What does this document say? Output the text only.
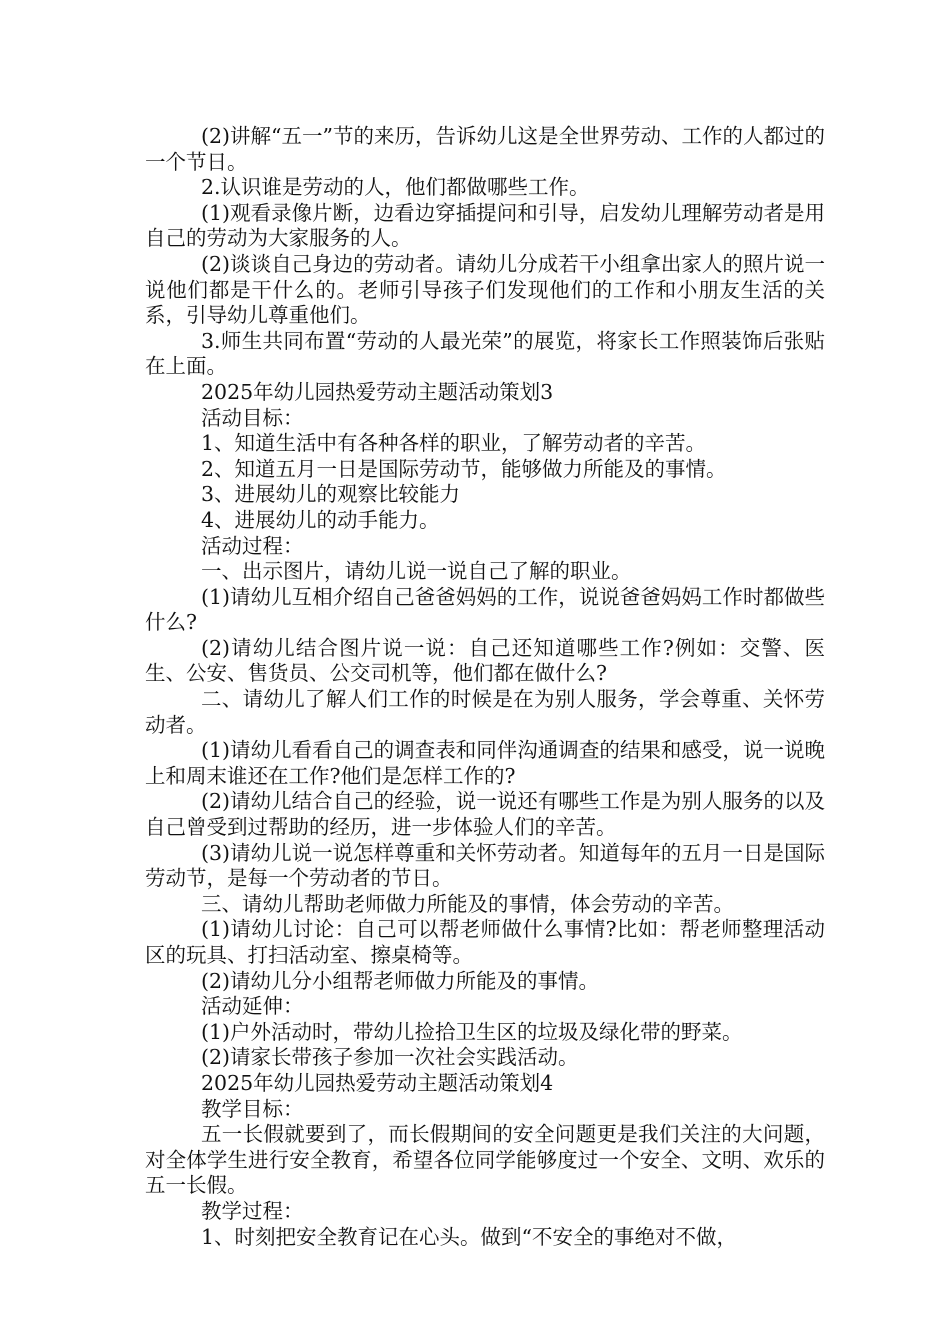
(2)讲解“五一”节的来历，告诉幼儿这是全世界劳动、工作的人都过的一个节日。

2.认识谁是劳动的人，他们都做哪些工作。

(1)观看录像片断，边看边穿插提问和引导，启发幼儿理解劳动者是用自己的劳动为大家服务的人。

(2)谈谈自己身边的劳动者。请幼儿分成若干小组拿出家人的照片说一说他们都是干什么的。老师引导孩子们发现他们的工作和小朋友生活的关系，引导幼儿尊重他们。

3.师生共同布置“劳动的人最光荣”的展览，将家长工作照装饰后张贴在上面。

2025年幼儿园热爱劳动主题活动策划3

活动目标：

1、知道生活中有各种各样的职业，了解劳动者的辛苦。

2、知道五月一日是国际劳动节，能够做力所能及的事情。

3、进展幼儿的观察比较能力

4、进展幼儿的动手能力。

活动过程：

一、出示图片，请幼儿说一说自己了解的职业。

(1)请幼儿互相介绍自己爸爸妈妈的工作，说说爸爸妈妈工作时都做些什么?

(2)请幼儿结合图片说一说：自己还知道哪些工作?例如：交警、医生、公安、售货员、公交司机等，他们都在做什么?

二、请幼儿了解人们工作的时候是在为别人服务，学会尊重、关怀劳动者。

(1)请幼儿看看自己的调查表和同伴沟通调查的结果和感受，说一说晚上和周末谁还在工作?他们是怎样工作的?

(2)请幼儿结合自己的经验，说一说还有哪些工作是为别人服务的以及自己曾受到过帮助的经历，进一步体验人们的辛苦。

(3)请幼儿说一说怎样尊重和关怀劳动者。知道每年的五月一日是国际劳动节，是每一个劳动者的节日。

三、请幼儿帮助老师做力所能及的事情，体会劳动的辛苦。

(1)请幼儿讨论：自己可以帮老师做什么事情?比如：帮老师整理活动区的玩具、打扫活动室、擦桌椅等。

(2)请幼儿分小组帮老师做力所能及的事情。

活动延伸：

(1)户外活动时，带幼儿捡拾卫生区的垃圾及绿化带的野菜。

(2)请家长带孩子参加一次社会实践活动。

2025年幼儿园热爱劳动主题活动策划4

教学目标：

五一长假就要到了，而长假期间的安全问题更是我们关注的大问题，对全体学生进行安全教育，希望各位同学能够度过一个安全、文明、欢乐的五一长假。

教学过程：

1、时刻把安全教育记在心头。做到“不安全的事绝对不做，
